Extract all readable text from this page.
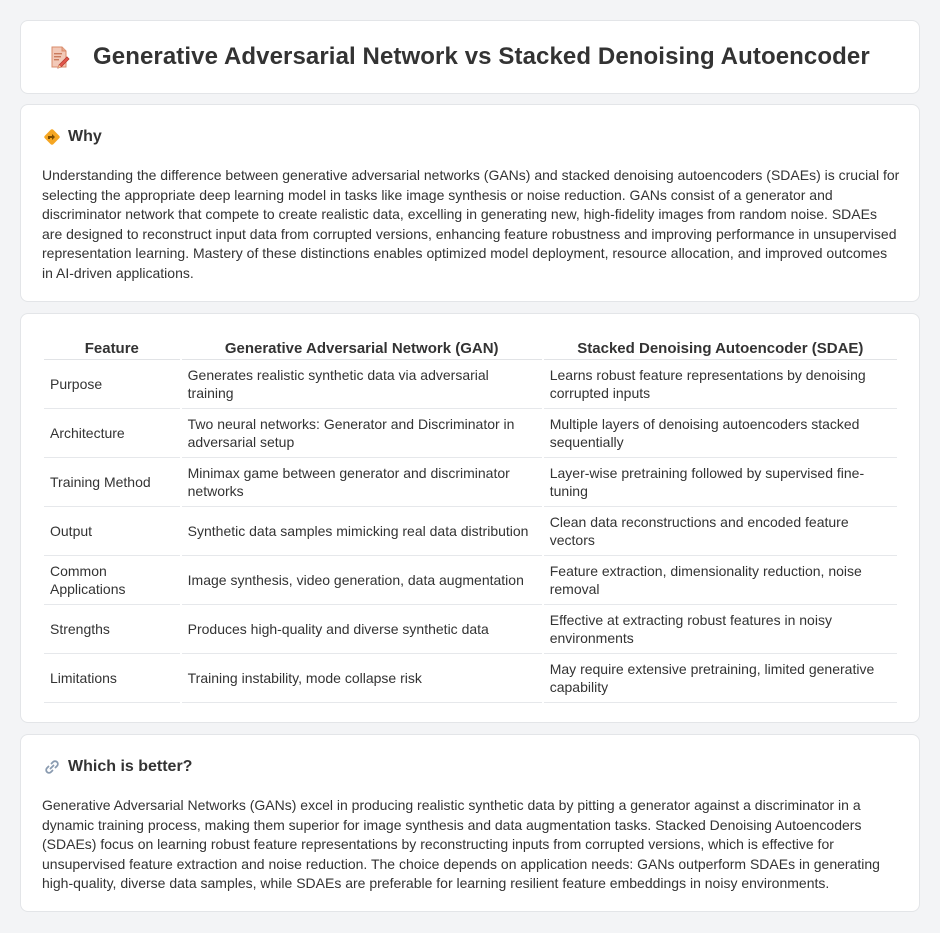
Generative Adversarial Network vs Stacked Denoising Autoencoder
Why

Understanding the difference between generative adversarial networks (GANs) and stacked denoising autoencoders (SDAEs) is crucial for selecting the appropriate deep learning model in tasks like image synthesis or noise reduction. GANs consist of a generator and discriminator network that compete to create realistic data, excelling in generating new, high-fidelity images from random noise. SDAEs are designed to reconstruct input data from corrupted versions, enhancing feature robustness and improving performance in unsupervised representation learning. Mastery of these distinctions enables optimized model deployment, resource allocation, and improved outcomes in AI-driven applications.

Feature	Generative Adversarial Network (GAN)	Stacked Denoising Autoencoder (SDAE)
Purpose	Generates realistic synthetic data via adversarial training	Learns robust feature representations by denoising corrupted inputs
Architecture	Two neural networks: Generator and Discriminator in adversarial setup	Multiple layers of denoising autoencoders stacked sequentially
Training Method	Minimax game between generator and discriminator networks	Layer-wise pretraining followed by supervised fine-tuning
Output	Synthetic data samples mimicking real data distribution	Clean data reconstructions and encoded feature vectors
Common Applications	Image synthesis, video generation, data augmentation	Feature extraction, dimensionality reduction, noise removal
Strengths	Produces high-quality and diverse synthetic data	Effective at extracting robust features in noisy environments
Limitations	Training instability, mode collapse risk	May require extensive pretraining, limited generative capability
Which is better?

Generative Adversarial Networks (GANs) excel in producing realistic synthetic data by pitting a generator against a discriminator in a dynamic training process, making them superior for image synthesis and data augmentation tasks. Stacked Denoising Autoencoders (SDAEs) focus on learning robust feature representations by reconstructing inputs from corrupted versions, which is effective for unsupervised feature extraction and noise reduction. The choice depends on application needs: GANs outperform SDAEs in generating high-quality, diverse data samples, while SDAEs are preferable for learning resilient feature embeddings in noisy environments.
